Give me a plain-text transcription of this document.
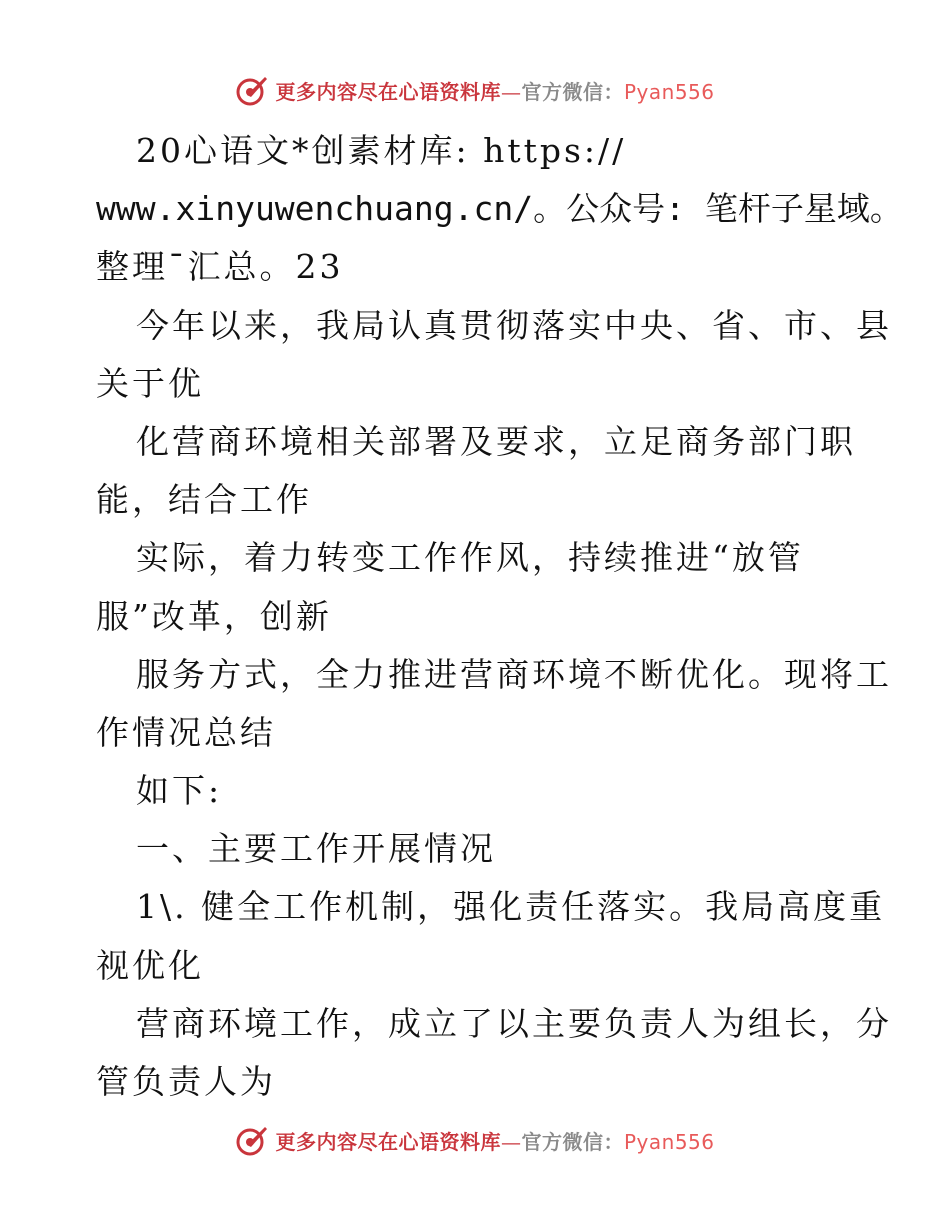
更多内容尽在心语资料库—官方微信：Pyan556
20心语文*创素材库: https://
www.xinyuwenchuang.cn/。公众号: 笔杆子星域。
整理¯汇总。23
今年以来，我局认真贯彻落实中央、省、市、县
关于优
化营商环境相关部署及要求，立足商务部门职
能，结合工作
实际，着力转变工作作风，持续推进“放管
服”改革，创新
服务方式，全力推进营商环境不断优化。现将工
作情况总结
如下:
一、主要工作开展情况
1\. 健全工作机制，强化责任落实。我局高度重
视优化
营商环境工作，成立了以主要负责人为组长，分
管负责人为
更多内容尽在心语资料库—官方微信：Pyan556
